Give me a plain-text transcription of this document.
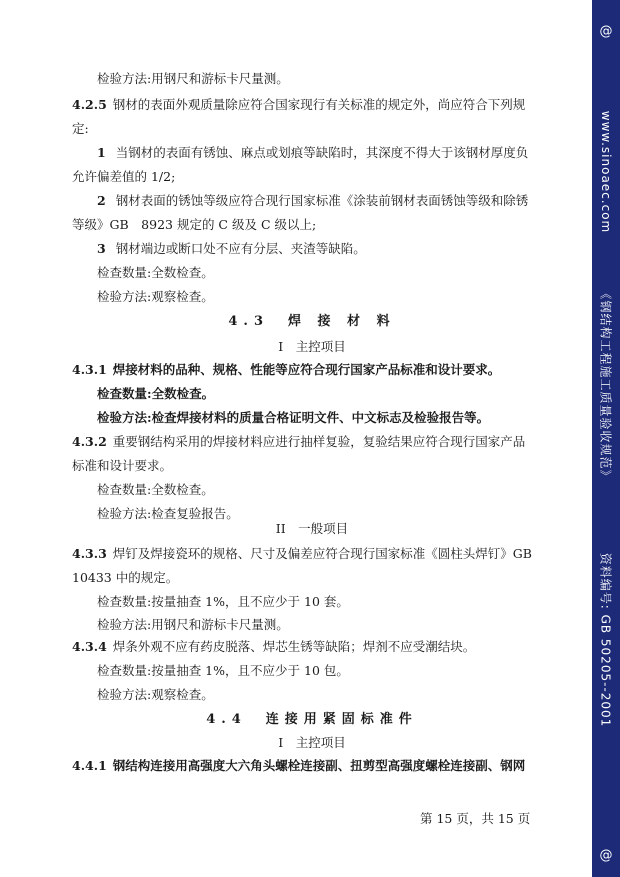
检验方法:用钢尺和游标卡尺量测。
4.2.5 钢材的表面外观质量除应符合国家现行有关标准的规定外，尚应符合下列规
定:
1 当钢材的表面有锈蚀、麻点或划痕等缺陷时，其深度不得大于该钢材厚度负
允许偏差值的 1/2;
2 钢材表面的锈蚀等级应符合现行国家标准《涂装前钢材表面锈蚀等级和除锈
等级》GB　8923 规定的 C 级及 C 级以上;
3 钢材端边或断口处不应有分层、夹渣等缺陷。
检查数量:全数检查。
检验方法:观察检查。
4.3　焊 接 材 料
I　主控项目
4.3.1 焊接材料的品种、规格、性能等应符合现行国家产品标准和设计要求。
检查数量:全数检查。
检验方法:检查焊接材料的质量合格证明文件、中文标志及检验报告等。
4.3.2 重要钢结构采用的焊接材料应进行抽样复验，复验结果应符合现行国家产品
标准和设计要求。
检查数量:全数检查。
检验方法:检查复验报告。
II　一般项目
4.3.3 焊钉及焊接瓷环的规格、尺寸及偏差应符合现行国家标准《圆柱头焊钉》GB
10433 中的规定。
检查数量:按量抽查 1%，且不应少于 10 套。
检验方法:用钢尺和游标卡尺量测。
4.3.4 焊条外观不应有药皮脱落、焊芯生锈等缺陷；焊剂不应受潮结块。
检查数量:按量抽查 1%，且不应少于 10 包。
检验方法:观察检查。
4.4　连接用紧固标准件
I　主控项目
4.4.1 钢结构连接用高强度大六角头螺栓连接副、扭剪型高强度螺栓连接副、钢网
第 15 页，共 15 页
@
www.sinoaec.com
《钢结构工程施工质量验收规范》
资料编号: GB 50205--2001
@
